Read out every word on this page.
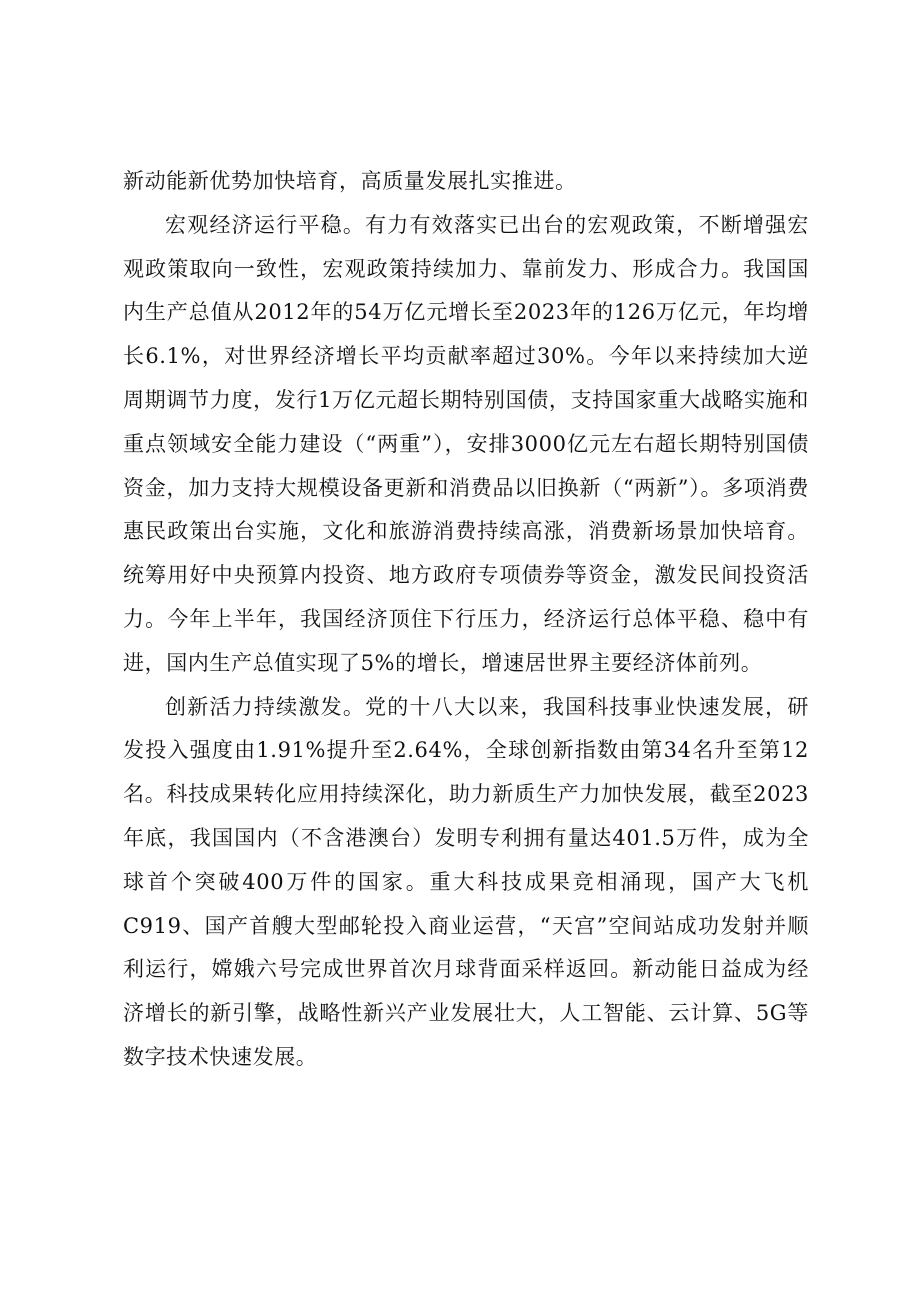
新动能新优势加快培育，高质量发展扎实推进。

宏观经济运行平稳。有力有效落实已出台的宏观政策，不断增强宏观政策取向一致性，宏观政策持续加力、靠前发力、形成合力。我国国内生产总值从2012年的54万亿元增长至2023年的126万亿元，年均增长6.1%，对世界经济增长平均贡献率超过30%。今年以来持续加大逆周期调节力度，发行1万亿元超长期特别国债，支持国家重大战略实施和重点领域安全能力建设（“两重”），安排3000亿元左右超长期特别国债资金，加力支持大规模设备更新和消费品以旧换新（“两新”）。多项消费惠民政策出台实施，文化和旅游消费持续高涨，消费新场景加快培育。统筹用好中央预算内投资、地方政府专项债券等资金，激发民间投资活力。今年上半年，我国经济顶住下行压力，经济运行总体平稳、稳中有进，国内生产总值实现了5%的增长，增速居世界主要经济体前列。

创新活力持续激发。党的十八大以来，我国科技事业快速发展，研发投入强度由1.91%提升至2.64%，全球创新指数由第34名升至第12名。科技成果转化应用持续深化，助力新质生产力加快发展，截至2023年底，我国国内（不含港澳台）发明专利拥有量达401.5万件，成为全球首个突破400万件的国家。重大科技成果竞相涌现，国产大飞机C919、国产首艘大型邮轮投入商业运营，“天宫”空间站成功发射并顺利运行，嫦娥六号完成世界首次月球背面采样返回。新动能日益成为经济增长的新引擎，战略性新兴产业发展壮大，人工智能、云计算、5G等数字技术快速发展。
